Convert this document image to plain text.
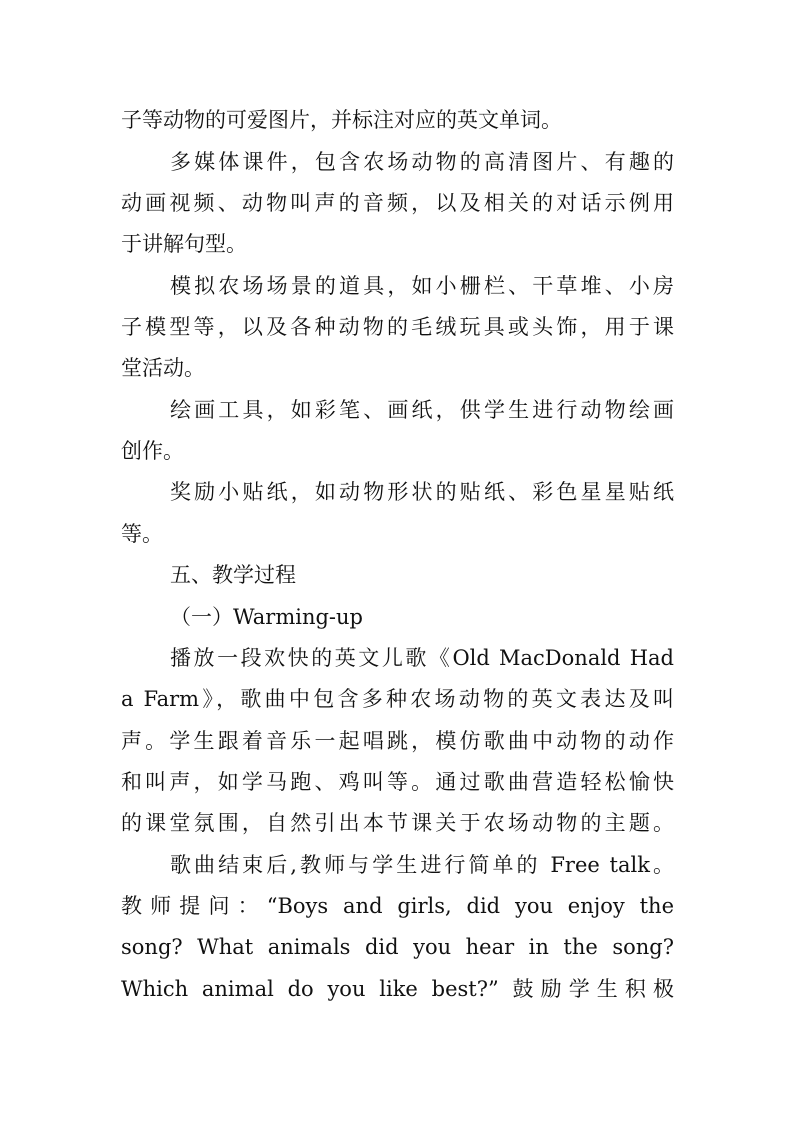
子等动物的可爱图片，并标注对应的英文单词。
多媒体课件，包含农场动物的高清图片、有趣的
动画视频、动物叫声的音频，以及相关的对话示例用
于讲解句型。
模拟农场场景的道具，如小栅栏、干草堆、小房
子模型等，以及各种动物的毛绒玩具或头饰，用于课
堂活动。
绘画工具，如彩笔、画纸，供学生进行动物绘画
创作。
奖励小贴纸，如动物形状的贴纸、彩色星星贴纸
等。
五、教学过程
（一）Warming-up
播放一段欢快的英文儿歌《Old MacDonald Had
a Farm》，歌曲中包含多种农场动物的英文表达及叫
声。学生跟着音乐一起唱跳，模仿歌曲中动物的动作
和叫声，如学马跑、鸡叫等。通过歌曲营造轻松愉快
的课堂氛围，自然引出本节课关于农场动物的主题。
歌曲结束后,教师与学生进行简单的 Free talk。
教师提问：“Boys and girls, did you enjoy the
song? What animals did you hear in the song?
Which animal do you like best?” 鼓励学生积极
